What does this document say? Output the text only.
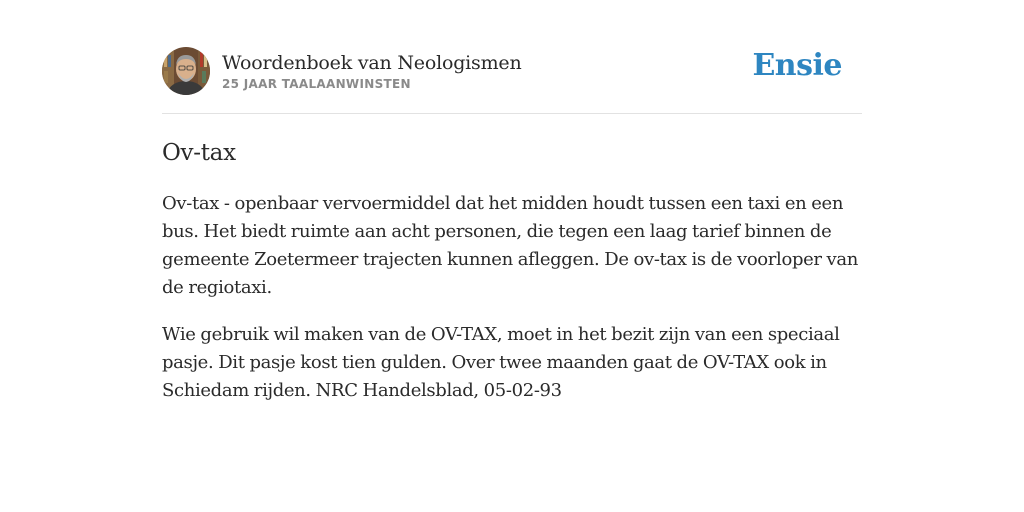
Woordenboek van Neologismen
25 JAAR TAALAANWINSTEN
Ensie
Ov-tax

Ov-tax - openbaar vervoermiddel dat het midden houdt tussen een taxi en een bus. Het biedt ruimte aan acht personen, die tegen een laag tarief binnen de gemeente Zoetermeer trajecten kunnen afleggen. De ov-tax is de voorloper van de regiotaxi.

Wie gebruik wil maken van de OV-TAX, moet in het bezit zijn van een speciaal pasje. Dit pasje kost tien gulden. Over twee maanden gaat de OV-TAX ook in Schiedam rijden. NRC Handelsblad, 05-02-93
